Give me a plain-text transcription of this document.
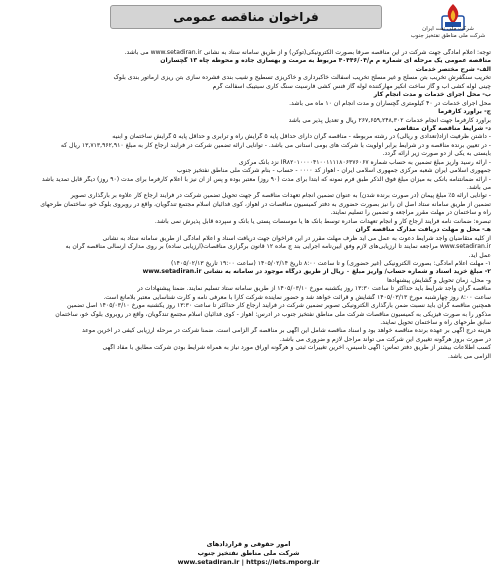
فراخوان مناقصه عمومی
شرکت ملی نفت ایران
شرکت ملی مناطق نفتخیز جنوب
توجه: اعلام آمادگی جهت شرکت در این مناقصه صرفاً بصورت الکترونیکی(توکن) و از طریق سامانه ستاد به نشانی www.setadiran.ir می باشد.
مناقصه عمومی یک مرحله ای شماره م م/۴۰۴۴۶/۰۴ مربوط به مرمت و بهسازی جاده و محوطه چاه ۱۳ گچساران
الف- شرح مختصر خدمات
تخریب سنگفرش تخریب بتن مسلح و غیر مسلح تخریب آسفالت خاکبرداری و خاکریزی تسطیح و شیب بندی فشرده سازی بتن ریزی آرماتور بندی بلوک
چینی لوله کشی آب و گاز ساخت انکیر مهارکننده لوله گاز فنس کشی فارسیت سنگ کاری سیتیبک آسفالت گرم
ب- محل اجرای خدمات و مدت انجام کار
محل اجرای خدمات در ۴۰ کیلومتری گچساران و مدت انجام آن ۱۰ ماه می باشد.
ج- برآورد کارفرما
برآورد کارفرما جهت انجام خدمات ۲۶۷,۶۵۹,۲۴۸,۳۰۲ ریال و تعدیل پذیر می باشد
د- شرایط مناقصه گران متقاضی
- داشتن ظرفیت آزاد(تعدادی و ریالی) در رشته مربوطه - مناقصه گران دارای حداقل پایه ۵ گرایش راه و ترابری و حداقل پایه ۵ گرایش ساختمان و ابنیه
- در تعیین برنده مناقصه و در شرایط برابر اولویت با شرکت های بومی استانی می باشد. - توانایی ارائه تضمین شرکت در فرآیند ارجاع کار به مبلغ ۱۳,۷۱۳,۹۶۲,۹۱۰ ریال که
بایستی به یکی از دو صورت زیر ارائه گردد.
- ارائه رسید واریز مبلغ تضمین به حساب شماره IR۸۲۰۱۰۰۰۰۴۱۰۰۱۱۱۱۸۰۶۳۷۶۰۶۷ نزد بانک مرکزی
جمهوری اسلامی ایران شعبه مرکزی جمهوری اسلامی ایران - اهواز کد ۰۰۰۰ - حساب - بنام شرکت ملی مناطق نفتخیز جنوب
- ارائه ضمانتنامه بانکی به میزان مبلغ فوق الذکر طبق فرم نمونه که ابتدا برای مدت (۹۰ روز) معتبر بوده و پس از آن نیز با اعلام کارفرما برای مدت (۹۰ روز) دیگر قابل تمدید باشد
می باشد.
- توانایی ارائه ۵٪ مبلغ پیمان (در صورت برنده شدن) به عنوان تضمین انجام تعهدات مناقصه گر جهت تحویل تضمین شرکت در فرآیند ارجاع کار علاوه بر بارگذاری تصویر
تضمین از طریق سامانه ستاد اصل آن را نیز بصورت حضوری به دفتر کمیسیون مناقصات در اهواز، کوی فدائیان اسلام مجتمع تندگویان، واقع در روبروی بلوک خو، ساختمان طرحهای
راه و ساختمان در مهلت مقرر مراجعه و تضمین را تسلیم نمایند.
تبصره: ضمانت نامه فرآیند ارجاع کار و انجام تعهدات صادره توسط بانک ها یا موسسات پستی یا بانک و سپرده قابل پذیرش نمی باشد.
هـ- محل و مهلت دریافت مدارک مناقصه گران
از کلیه متقاضیان واجد شرایط دعوت به عمل می آید ظرف مهلت مقرر در این فراخوان جهت دریافت اسناد و اعلام آمادگی از طریق سامانه ستاد به نشانی
www.setadiran.ir مراجعه نمایند تا ارزیابی‌های لازم وفق آیین‌نامه اجرایی بند ج ماده ۱۲ قانون برگزاری مناقصات(ارزیابی ساده) بر روی مدارک ارسالی مناقصه گران به
عمل آید.
۱- مهلت اعلام آمادگی: بصورت الکترونیکی (غیر حضوری) و تا ساعت ۸:۰۰ تاریخ ۱۴۰۵/۰۲/۱۴ (ساعت ۱۹:۰۰ تاریخ ۱۴۰۵/۰۲/۱۳)
۲- مبلغ خرید اسناد و شماره حساب/ واریز مبلغ ۰ ریال از طریق درگاه موجود در سامانه به نشانی www.setadiran.ir
و- محل، زمان تحویل و گشایش پیشنهادها
مناقصه گران واجد شرایط باید حداکثر تا ساعت ۱۳:۳۰ روز یکشنبه مورخ ۱۴۰۵/۰۳/۱۰ از طریق سامانه ستاد تسلیم نمایند. ضمناً پیشنهادات در
ساعت ۸:۰۰ روز چهارشنبه مورخ ۱۴۰۵/۰۳/۱۳ گشایش و قرائت خواهد شد و حضور نماینده شرکت کارا با معرفی نامه و کارت شناسایی معتبر بلامانع است.
همچنین مناقصه گران باید نسبت ضمن بارگذاری الکترونیکی تصویر تضمین شرکت در فرایند ارجاع کار حداکثر تا ساعت ۱۳:۳۰ روز یکشنبه مورخ ۱۴۰۵/۰۳/۱۰ اصل تضمین
مذکور را به صورت فیزیکی به کمیسیون مناقصات شرکت ملی مناطق نفتخیز جنوب در آدرس: اهواز - کوی فدائیان اسلام مجتمع تندگویان، واقع در روبروی بلوک خو، ساختمان
سابق طرحهای راه و ساختمان تحویل نمایند.
هزینه درج آگهی بر عهده برنده مناقصه خواهد بود و اسناد مناقصه شامل این آگهی بر مناقصه گر الزامی است. ضمناً شرکت در مرحله ارزیابی کیفی در آخرین موعد
در صورت بروز هرگونه تغییری این شرکت می تواند مراحل لازم و ضروری می باشد.
کسب اطلاعات بیشتر از طریق دفتر تماس: آگهی تاسیس، آخرین تغییرات ثبتی و هرگونه اوراق مورد نیاز به همراه شرایط بودن شرکت مطابق با مفاد آگهی
الزامی می باشد.
امور حقوقی و قراردادهای
شرکت ملی مناطق نفتخیز جنوب
www.setadiran.ir | https://iets.mporg.ir
